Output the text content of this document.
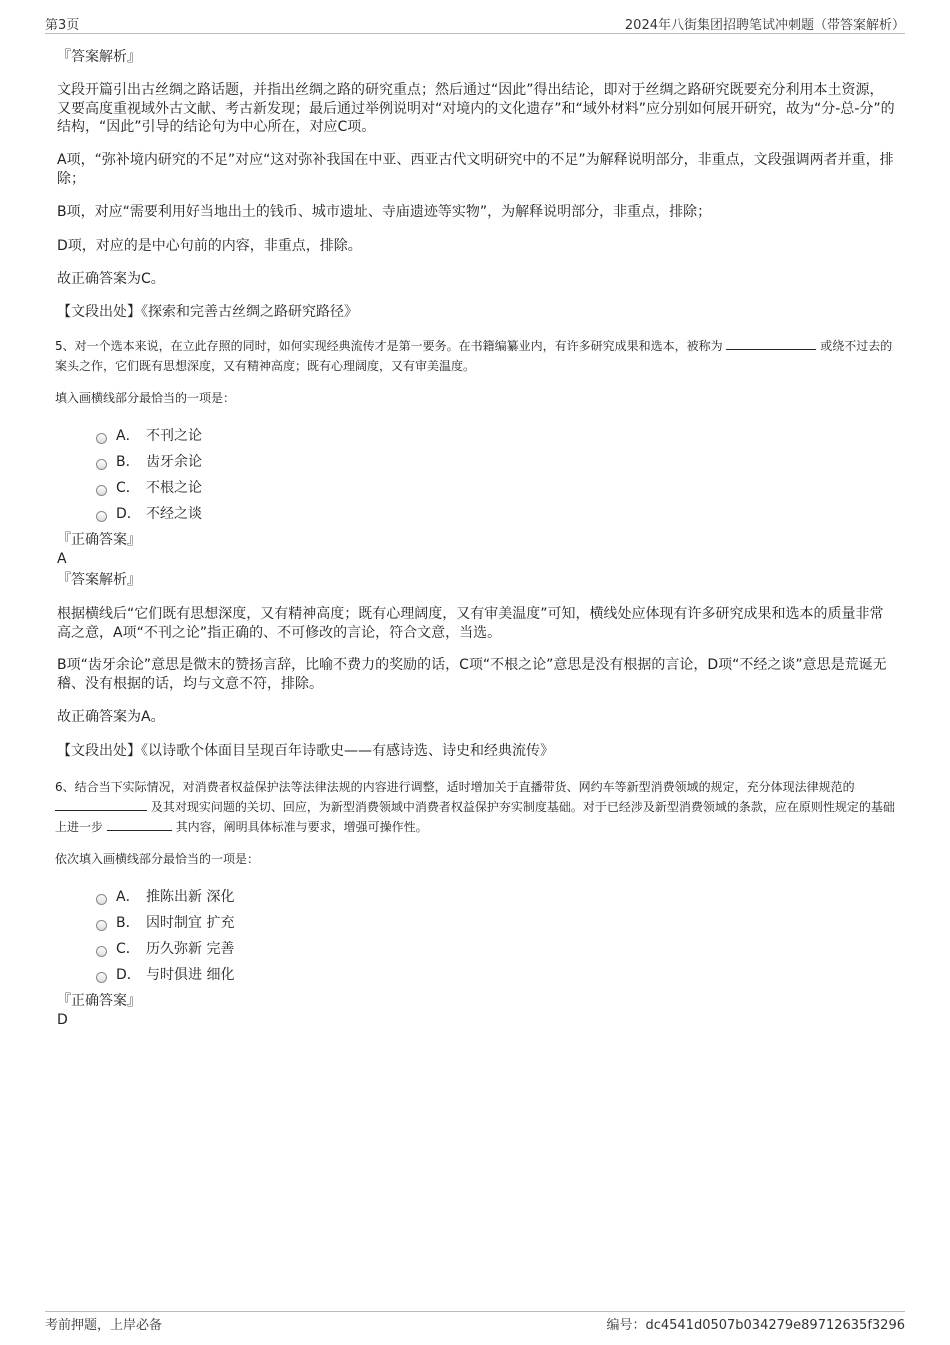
第3页	2024年八街集团招聘笔试冲刺题（带答案解析）
『答案解析』
文段开篇引出古丝绸之路话题，并指出丝绸之路的研究重点；然后通过“因此”得出结论，即对于丝绸之路研究既要充分利用本土资源，又要高度重视域外古文献、考古新发现；最后通过举例说明对“对境内的文化遗存”和“域外材料”应分别如何展开研究，故为“分-总-分”的结构，“因此”引导的结论句为中心所在，对应C项。
A项，“弥补境内研究的不足”对应“这对弥补我国在中亚、西亚古代文明研究中的不足”为解释说明部分，非重点，文段强调两者并重，排除；
B项，对应“需要利用好当地出土的钱币、城市遗址、寺庙遗迹等实物”，为解释说明部分，非重点，排除；
D项，对应的是中心句前的内容，非重点，排除。
故正确答案为C。
【文段出处】《探索和完善古丝绸之路研究路径》
5、对一个选本来说，在立此存照的同时，如何实现经典流传才是第一要务。在书籍编纂业内，有许多研究成果和选本，被称为	或绕不过去的案头之作，它们既有思想深度，又有精神高度；既有心理阔度，又有审美温度。
填入画横线部分最恰当的一项是：
A． 不刊之论
B． 齿牙余论
C． 不根之论
D． 不经之谈
『正确答案』
A
『答案解析』
根据横线后“它们既有思想深度，又有精神高度；既有心理阔度，又有审美温度”可知，横线处应体现有许多研究成果和选本的质量非常高之意，A项“不刊之论”指正确的、不可修改的言论，符合文意，当选。
B项“齿牙余论”意思是微末的赞扬言辞，比喻不费力的奖励的话，C项“不根之论”意思是没有根据的言论，D项“不经之谈”意思是荒诞无稽、没有根据的话，均与文意不符，排除。
故正确答案为A。
【文段出处】《以诗歌个体面目呈现百年诗歌史——有感诗选、诗史和经典流传》
6、结合当下实际情况，对消费者权益保护法等法律法规的内容进行调整，适时增加关于直播带货、网约车等新型消费领域的规定，充分体现法律规范的  及其对现实问题的关切、回应，为新型消费领域中消费者权益保护夯实制度基础。对于已经涉及新型消费领域的条款，应在原则性规定的基础上进一步	其内容，阐明具体标准与要求，增强可操作性。
依次填入画横线部分最恰当的一项是：
A． 推陈出新 深化
B． 因时制宜 扩充
C． 历久弥新 完善
D． 与时俱进 细化
『正确答案』
D
考前押题，上岸必备	编号：dc4541d0507b034279e89712635f3296
